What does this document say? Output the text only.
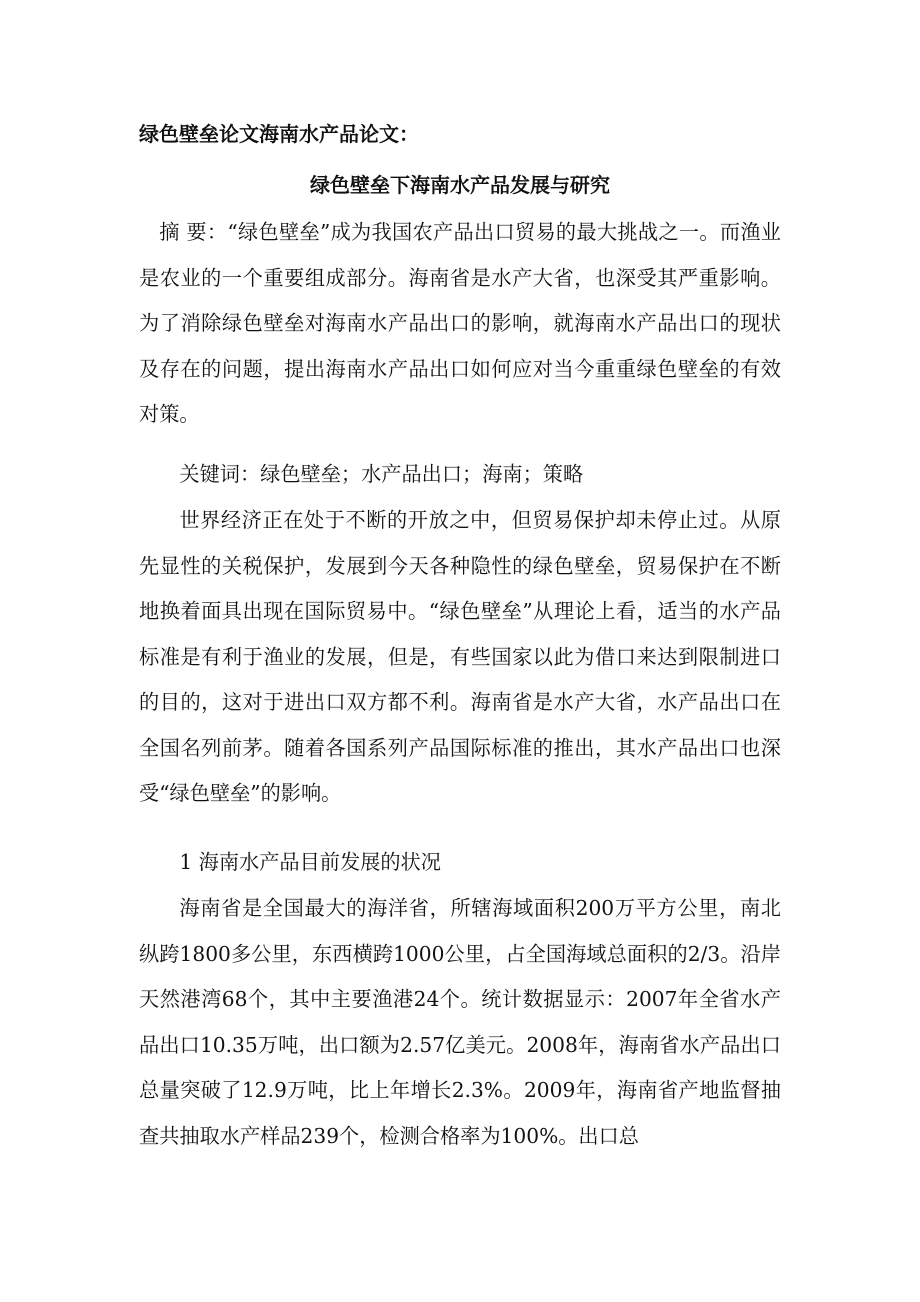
绿色壁垒论文海南水产品论文：
绿色壁垒下海南水产品发展与研究

摘 要：“绿色壁垒”成为我国农产品出口贸易的最大挑战之一。而渔业是农业的一个重要组成部分。海南省是水产大省，也深受其严重影响。为了消除绿色壁垒对海南水产品出口的影响，就海南水产品出口的现状及存在的问题，提出海南水产品出口如何应对当今重重绿色壁垒的有效对策。

关键词：绿色壁垒；水产品出口；海南；策略

世界经济正在处于不断的开放之中，但贸易保护却未停止过。从原先显性的关税保护，发展到今天各种隐性的绿色壁垒，贸易保护在不断地换着面具出现在国际贸易中。“绿色壁垒”从理论上看，适当的水产品标准是有利于渔业的发展，但是，有些国家以此为借口来达到限制进口的目的，这对于进出口双方都不利。海南省是水产大省，水产品出口在全国名列前茅。随着各国系列产品国际标准的推出，其水产品出口也深受“绿色壁垒”的影响。

1 海南水产品目前发展的状况

海南省是全国最大的海洋省，所辖海域面积200万平方公里，南北纵跨1800多公里，东西横跨1000公里，占全国海域总面积的2/3。沿岸天然港湾68个，其中主要渔港24个。统计数据显示：2007年全省水产品出口10.35万吨，出口额为2.57亿美元。2008年，海南省水产品出口总量突破了12.9万吨，比上年增长2.3%。2009年，海南省产地监督抽查共抽取水产样品239个，检测合格率为100%。出口总
